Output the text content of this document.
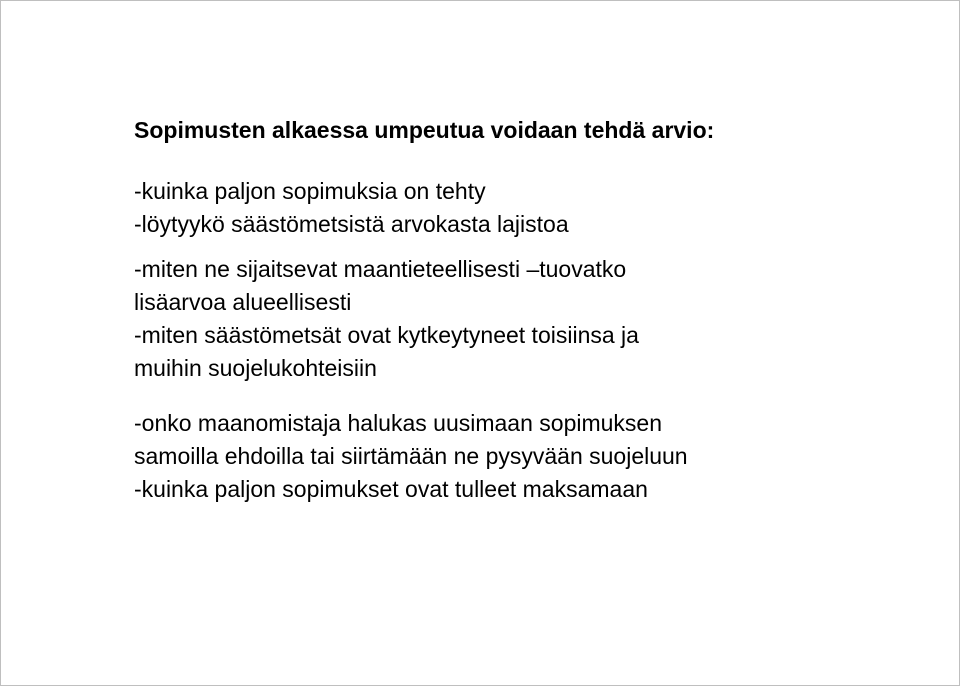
Sopimusten alkaessa umpeutua voidaan tehdä arvio:
-kuinka paljon sopimuksia on tehty
-löytyykö säästömetsistä arvokasta lajistoa
-miten ne sijaitsevat maantieteellisesti –tuovatko
lisäarvoa alueellisesti
-miten säästömetsät ovat kytkeytyneet toisiinsa ja
muihin suojelukohteisiin
-onko maanomistaja halukas uusimaan sopimuksen
samoilla ehdoilla tai siirtämään ne pysyvään suojeluun
-kuinka paljon sopimukset ovat tulleet maksamaan
